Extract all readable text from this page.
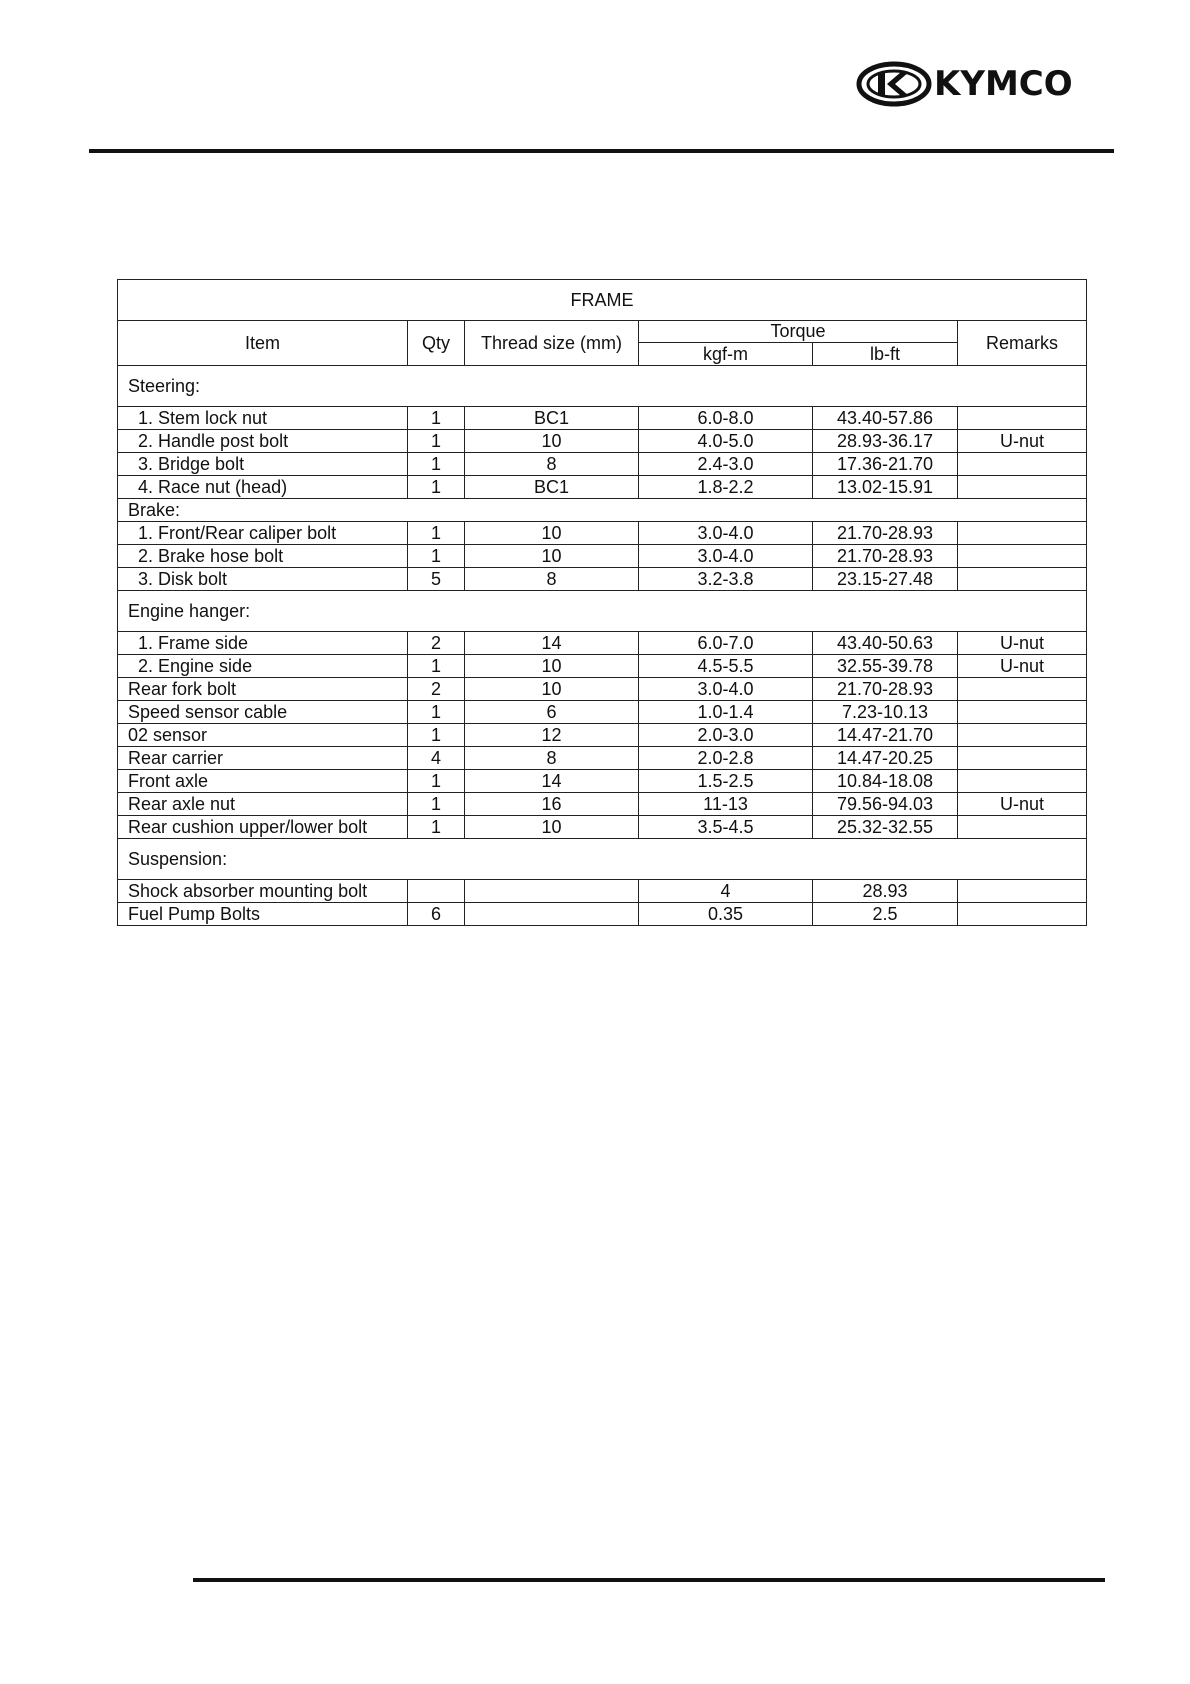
KYMCO
FRAME					
Item	Qty	Thread size (mm)	Torque		Remarks
			kgf-m	lb-ft	
Steering:					
1. Stem lock nut	1	BC1	6.0-8.0	43.40-57.86	
2. Handle post bolt	1	10	4.0-5.0	28.93-36.17	U-nut
3. Bridge bolt	1	8	2.4-3.0	17.36-21.70	
4. Race nut (head)	1	BC1	1.8-2.2	13.02-15.91	
Brake:					
1. Front/Rear caliper bolt	1	10	3.0-4.0	21.70-28.93	
2. Brake hose bolt	1	10	3.0-4.0	21.70-28.93	
3. Disk bolt	5	8	3.2-3.8	23.15-27.48	
Engine hanger:					
1. Frame side	2	14	6.0-7.0	43.40-50.63	U-nut
2. Engine side	1	10	4.5-5.5	32.55-39.78	U-nut
Rear fork bolt	2	10	3.0-4.0	21.70-28.93	
Speed sensor cable	1	6	1.0-1.4	7.23-10.13	
02 sensor	1	12	2.0-3.0	14.47-21.70	
Rear carrier	4	8	2.0-2.8	14.47-20.25	
Front axle	1	14	1.5-2.5	10.84-18.08	
Rear axle nut	1	16	11-13	79.56-94.03	U-nut
Rear cushion upper/lower bolt	1	10	3.5-4.5	25.32-32.55	
Suspension:					
Shock absorber mounting bolt			4	28.93	
Fuel Pump Bolts	6		0.35	2.5	
